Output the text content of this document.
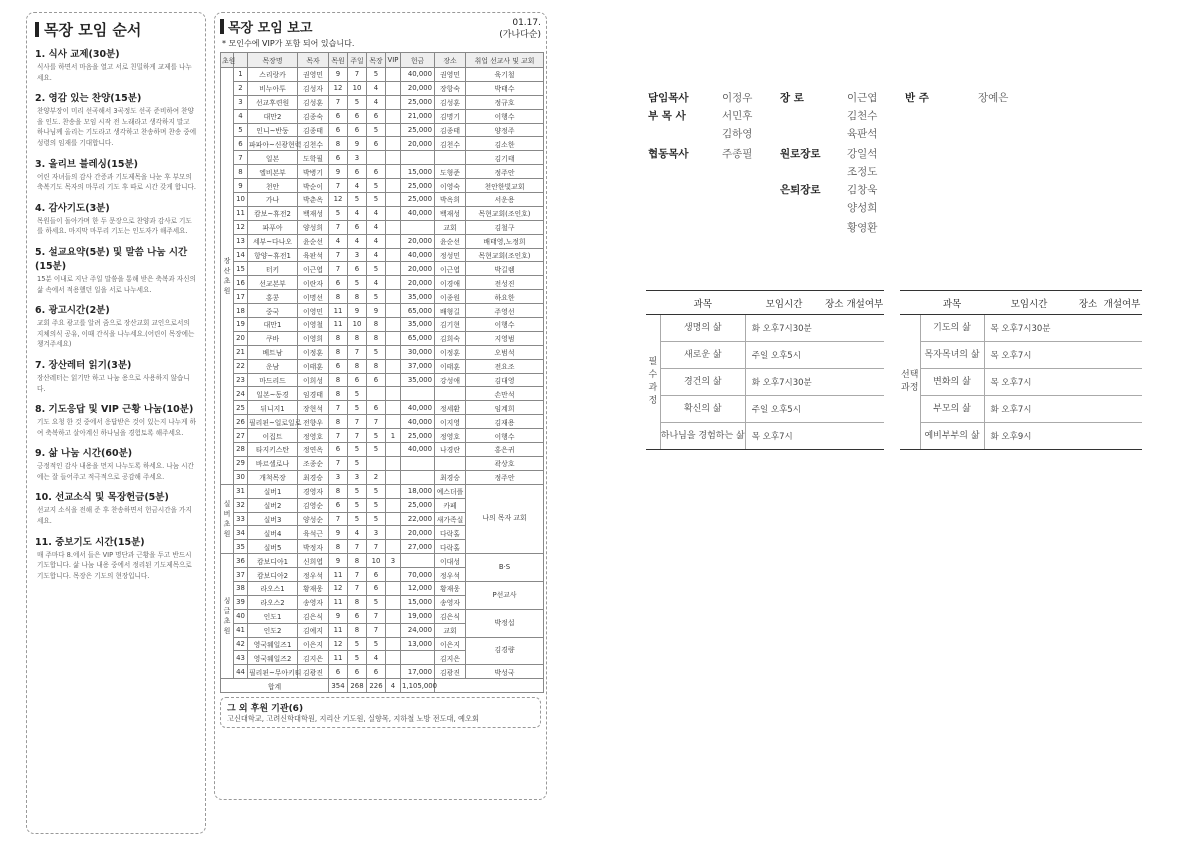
목장 모임 순서
1. 식사 교제(30분)

식사를 하면서 마음을 열고 서로 친밀하게 교제를 나누세요.

2. 영감 있는 찬양(15분)

찬양부장이 미리 선곡해서 3곡정도 선곡 준비하여 찬양을 인도. 찬송을 모임 시작 전 노래라고 생각하지 말고 하나님께 올리는 기도라고 생각하고 찬송하며 찬송 중에 성령의 임재를 기대합니다.

3. 올리브 블레싱(15분)

어린 자녀들의 감사 간증과 기도제목을 나눈 후 부모의 축복기도 목자의 마무리 기도 후 따로 시간 갖게 합니다.

4. 감사기도(3분)

목원들이 돌아가며 한 두 문장으로 찬양과 감사로 기도를 하세요. 마지막 마무리 기도는 인도자가 해주세요.

5. 설교요약(5분) 및 말씀 나눔 시간(15분)

15분 이내로 지난 주일 말씀을 통해 받은 축복과 자신의 삶 속에서 적용했던 일을 서로 나누세요.

6. 광고시간(2분)

교회 주요 광고를 알려 줌으로 장산교회 교인으로서의 지체의식 공유, 이때 간식을 나누세요.(어린이 목장에는 챙겨주세요)

7. 장산레터 읽기(3분)

장산레터는 읽기만 하고 나눔 용으로 사용하지 않습니다.

8. 기도응답 및 VIP 근황 나눔(10분)

기도 요청 한 것 중에서 응답받은 것이 있는지 나누게 하여 축복하고 살아계신 하나님을 경험토록 해주세요.

9. 삶 나눔 시간(60분)

긍정적인 감사 내용을 먼저 나누도록 하세요. 나눔 시간에는 잘 들어주고 적극적으로 공감해 주세요.

10. 선교소식 및 목장헌금(5분)

선교지 소식을 전해 준 후 찬송하면서 헌금시간을 가지세요.

11. 중보기도 시간(15분)

매 주마다 8.에서 들은 VIP 명단과 근황을 두고 반드시 기도합니다. 삶 나눔 내용 중에서 정리된 기도제목으로 기도합니다. 목장은 기도의 현장입니다.

목장 모임 보고	01.17.
(가나다순)
* 모인수에 VIP가 포함 되어 있습니다.
초원		목장명	목자	목원	주일	목장	VIP	헌금	장소	취업 선교사 및 교회
장산초원	1	스리랑카	권영민	9	7	5		40,000	권영민	육기철
	2	비누아투	김성자	12	10	4		20,000	장항숙	박태수
	3	선교후련원	김성훈	7	5	4		25,000	김성훈	정규호
	4	대만2	김종숙	6	6	6		21,000	김명기	이행수
	5	인니~반둥	김종태	6	6	5		25,000	김종태	양정주
	6	파파아~신광현력	김천수	8	9	6		20,000	김천수	김소한
	7	일본	도학필	6	3					김기태
	8	엘비본부	박병기	9	6	6		15,000	도형준	정주안
	9	천안	박순이	7	4	5		25,000	이영숙	천안한빛교회
	10	가나	박춘옥	12	5	5		25,000	박옥희	서운용
	11	캄보~휴전2	백재성	5	4	4		40,000	백재성	목현교회(조인호)
	12	파푸아	양성희	7	6	4			교회	김철구
	13	세부~다나오	윤순선	4	4	4		20,000	윤순선	배태영,노정희
	14	항양~휴전1	육판석	7	3	4		40,000	정성민	목현교회(조인호)
	15	터키	이근엽	7	6	5		20,000	이근엽	박길렘
	16	선교본부	이란자	6	5	4		20,000	이경애	전성진
	17	홍콩	이명선	8	8	5		35,000	이종원	하요한
	18	중국	이영민	11	9	9		65,000	배형길	주영선
	19	대만1	이영철	11	10	8		35,000	김기현	이행수
	20	쿠바	이영희	8	8	8		65,000	김희숙	지영범
	21	베트남	이정훈	8	7	5		30,000	이정훈	오범석
	22	운남	이태훈	6	8	8		37,000	이태훈	전요조
	23	마드리드	이희성	8	6	6		35,000	강성애	김대영
	24	일본~동경	임경태	8	5					손만석
	25	뒤니지1	장현석	7	5	6		40,000	정세환	임계희
	26	필리핀~일로일로	전향우	8	7	7		40,000	이지영	김재용
	27	이집트	정영호	7	7	5	1	25,000	정영호	이행수
	28	타지키스탄	정연옥	6	5	5		40,000	나경란	홍은귀
	29	바르셀로나	조종순	7	5					곽상호
	30	개척목장	최경승	3	3	2			최경승	정주안
실버초원	31	실버1	경영자	8	5	5		18,000	예스더플	나의 목자 교회
	32	실버2	김영순	6	5	5		25,000	카페	
	33	실버3	양성순	7	5	5		22,000	새가족실	
	34	실버4	육석근	9	4	3		20,000	다락홀	
	35	실버5	박정자	8	7	7		27,000	다락홀	
싱글초원	36	캄보디아1	신희엽	9	8	10	3		이대성	B·S
	37	캄보디아2	정우석	11	7	6		70,000	정우석	
	38	라오스1	황재웅	12	7	6		12,000	황재웅	P선교사
	39	라오스2	송영자	11	8	5		15,000	송영자	
	40	인도1	김은식	9	6	7		19,000	김은식	박정섭
	41	인도2	김예지	11	8	7		24,000	교회	
	42	영국웨일즈1	이은지	12	5	5		13,000	이은지	김경량
	43	영국웨일즈2	김지은	11	5	4			김지은	
	44	필리핀~무아키티	김광진	6	6	6		17,000	김광진	박성국
합계				354	268	226	4	1,105,000		
그 외 후원 기관(6)

고신대학교, 고려신학대학원, 지리산 기도원, 실향목, 지하철 노방 전도대, 예오회

담임목사	이정우
부 목 사	서민후
김하영
협동목사	주종필
장 로	이근엽
김천수
육판석
원로장로	강일석
조정도
은퇴장로	김창욱
양성희
황영환
반 주	장예은
	과목	모임시간	장소	개설여부
필수과정	생명의 삶	화 오후7시30분		
	새로운 삶	주일 오후5시		
	경건의 삶	화 오후7시30분		
	확신의 삶	주일 오후5시		
	하나님을 경험하는 삶	목 오후7시		
	과목	모임시간	장소	개설여부
선택과정	기도의 삶	목 오후7시30분		
	목자목녀의 삶	목 오후7시		
	변화의 삶	목 오후7시		
	부모의 삶	화 오후7시		
	예비부부의 삶	화 오후9시		
